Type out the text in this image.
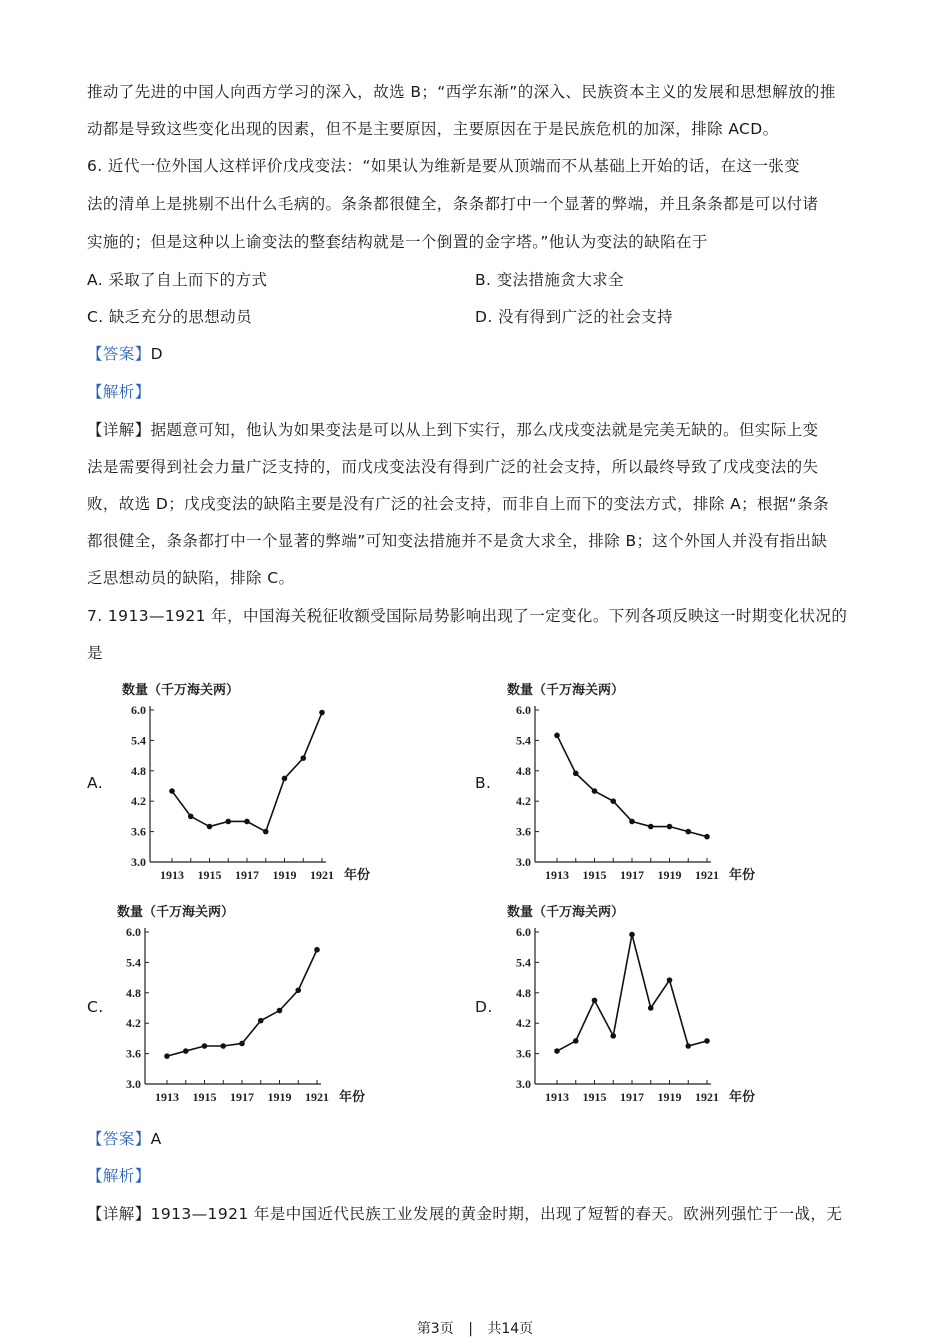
推动了先进的中国人向西方学习的深入，故选 B；“西学东渐”的深入、民族资本主义的发展和思想解放的推
动都是导致这些变化出现的因素，但不是主要原因，主要原因在于是民族危机的加深，排除 ACD。
6. 近代一位外国人这样评价戊戌变法：“如果认为维新是要从顶端而不从基础上开始的话，在这一张变
法的清单上是挑剔不出什么毛病的。条条都很健全，条条都打中一个显著的弊端，并且条条都是可以付诸
实施的；但是这种以上谕变法的整套结构就是一个倒置的金字塔。”他认为变法的缺陷在于
A. 采取了自上而下的方式	B. 变法措施贪大求全
C. 缺乏充分的思想动员	D. 没有得到广泛的社会支持
【答案】D
【解析】
【详解】据题意可知，他认为如果变法是可以从上到下实行，那么戊戌变法就是完美无缺的。但实际上变
法是需要得到社会力量广泛支持的，而戊戌变法没有得到广泛的社会支持，所以最终导致了戊戌变法的失
败，故选 D；戊戌变法的缺陷主要是没有广泛的社会支持，而非自上而下的变法方式，排除 A；根据“条条
都很健全，条条都打中一个显著的弊端”可知变法措施并不是贪大求全，排除 B；这个外国人并没有指出缺
乏思想动员的缺陷，排除 C。
7. 1913—1921 年，中国海关税征收额受国际局势影响出现了一定变化。下列各项反映这一时期变化状况的
是
A.	B.
C.	D.
数量（千万海关两）
3.0
3.6
4.2
4.8
5.4
6.0
1913 1915 1917 1919 1921 年份
数量（千万海关两）
3.0
3.6
4.2
4.8
5.4
6.0
1913 1915 1917 1919 1921 年份
数量（千万海关两）
3.0
3.6
4.2
4.8
5.4
6.0
1913 1915 1917 1919 1921 年份
数量（千万海关两）
3.0
3.6
4.2
4.8
5.4
6.0
1913 1915 1917 1919 1921 年份
【答案】A
【解析】
【详解】1913—1921 年是中国近代民族工业发展的黄金时期，出现了短暂的春天。欧洲列强忙于一战，无
第3页 | 共14页
